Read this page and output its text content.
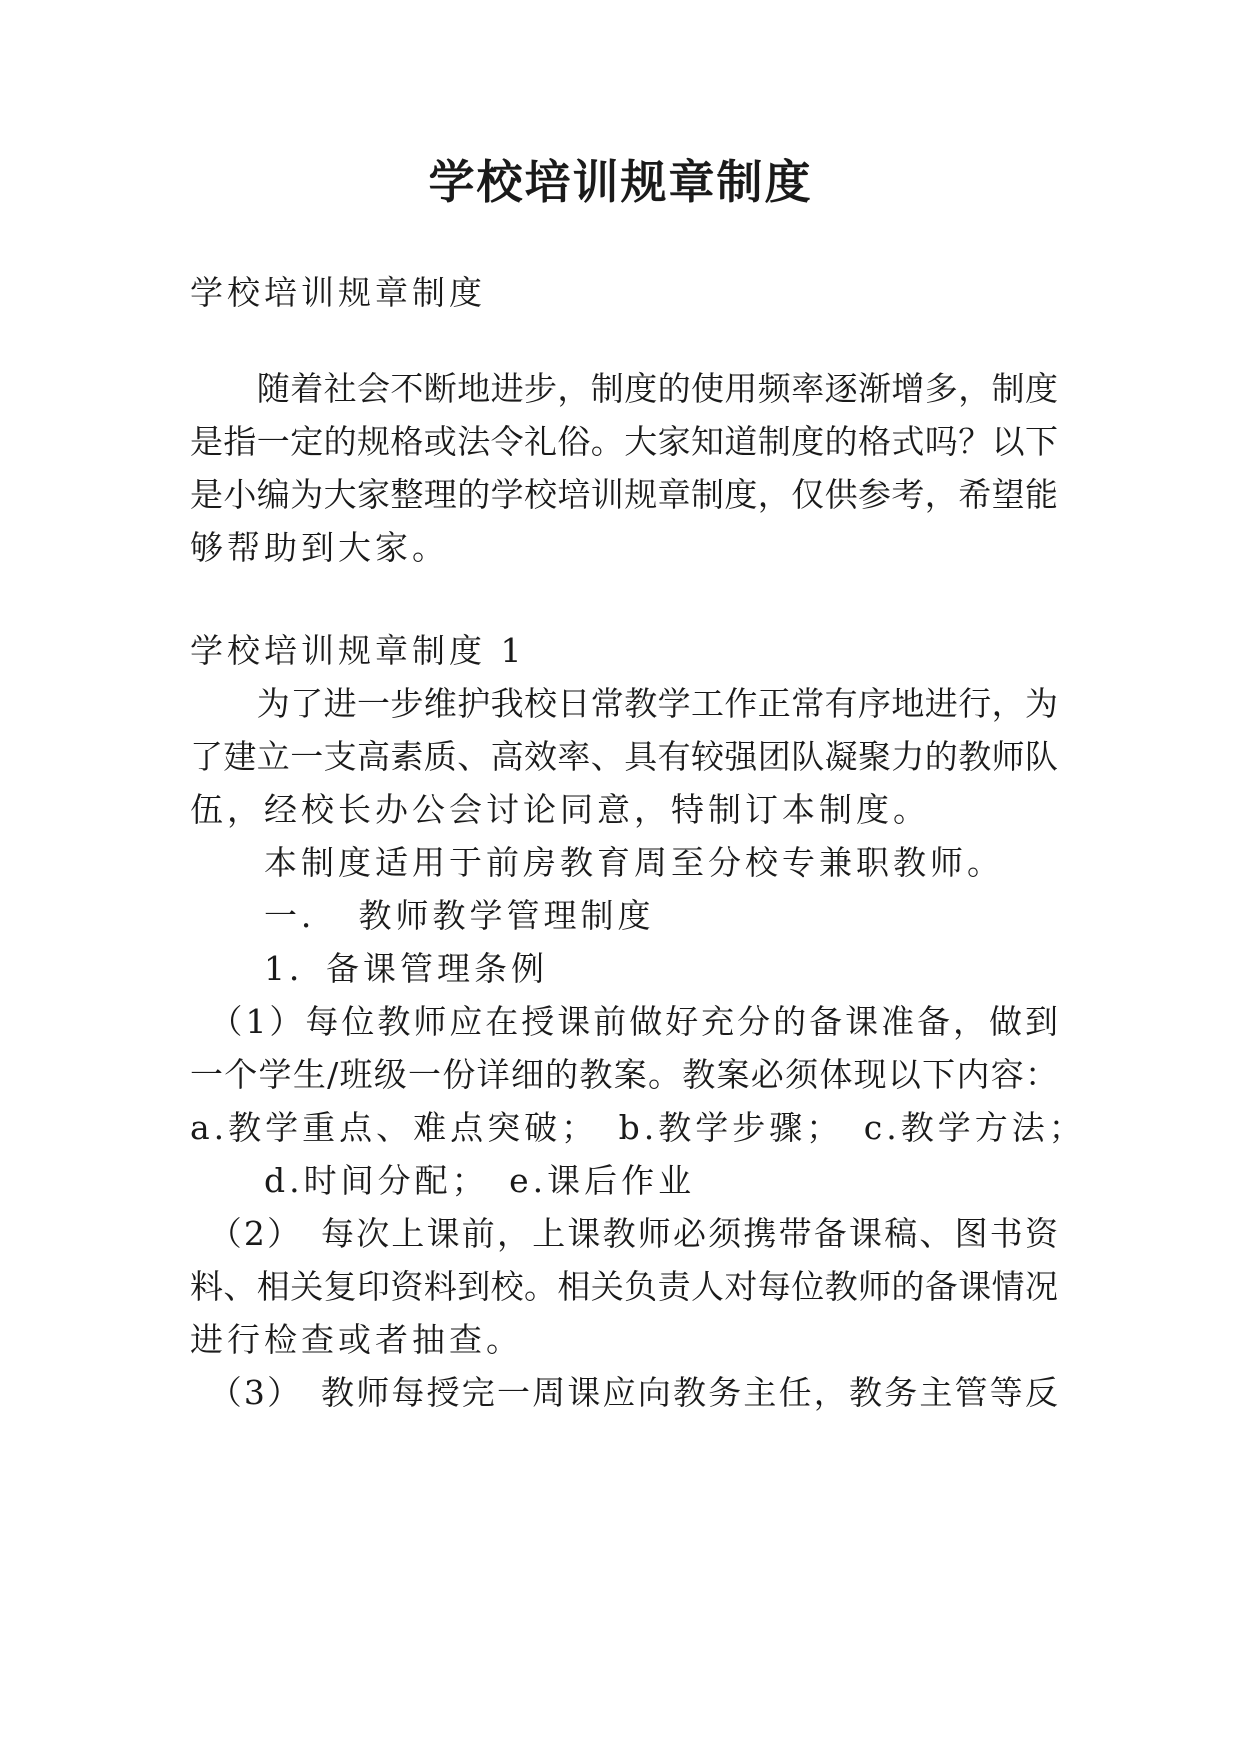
学校培训规章制度
学校培训规章制度
　　随着社会不断地进步，制度的使用频率逐渐增多，制度
是指一定的规格或法令礼俗。大家知道制度的格式吗？以下
是小编为大家整理的学校培训规章制度，仅供参考，希望能
够帮助到大家。
学校培训规章制度 1
　　为了进一步维护我校日常教学工作正常有序地进行，为
了建立一支高素质、高效率、具有较强团队凝聚力的教师队
伍，经校长办公会讨论同意，特制订本制度。
　　本制度适用于前房教育周至分校专兼职教师。
　　一．　教师教学管理制度
　　1．备课管理条例
　（1）每位教师应在授课前做好充分的备课准备，做到
一个学生/班级一份详细的教案。教案必须体现以下内容：
a.教学重点、难点突破；　b.教学步骤；　c.教学方法；
　　d.时间分配；　e.课后作业
　（2）　每次上课前，上课教师必须携带备课稿、图书资
料、相关复印资料到校。相关负责人对每位教师的备课情况
进行检查或者抽查。
　（3）　教师每授完一周课应向教务主任，教务主管等反
